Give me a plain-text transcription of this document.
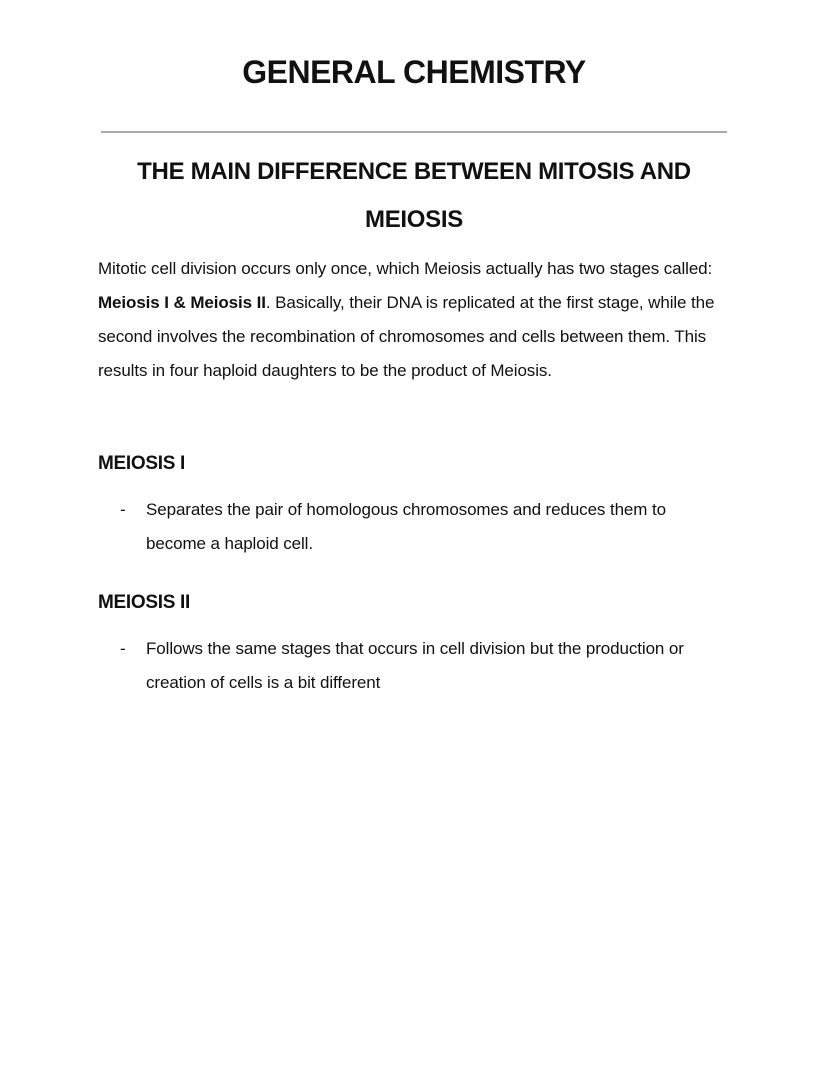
GENERAL CHEMISTRY
THE MAIN DIFFERENCE BETWEEN MITOSIS AND MEIOSIS

Mitotic cell division occurs only once, which Meiosis actually has two stages called: Meiosis I & Meiosis II. Basically, their DNA is replicated at the first stage, while the second involves the recombination of chromosomes and cells between them. This results in four haploid daughters to be the product of Meiosis.

MEIOSIS I
-	Separates the pair of homologous chromosomes and reduces them to become a haploid cell.
MEIOSIS II
-	Follows the same stages that occurs in cell division but the production or creation of cells is a bit different
